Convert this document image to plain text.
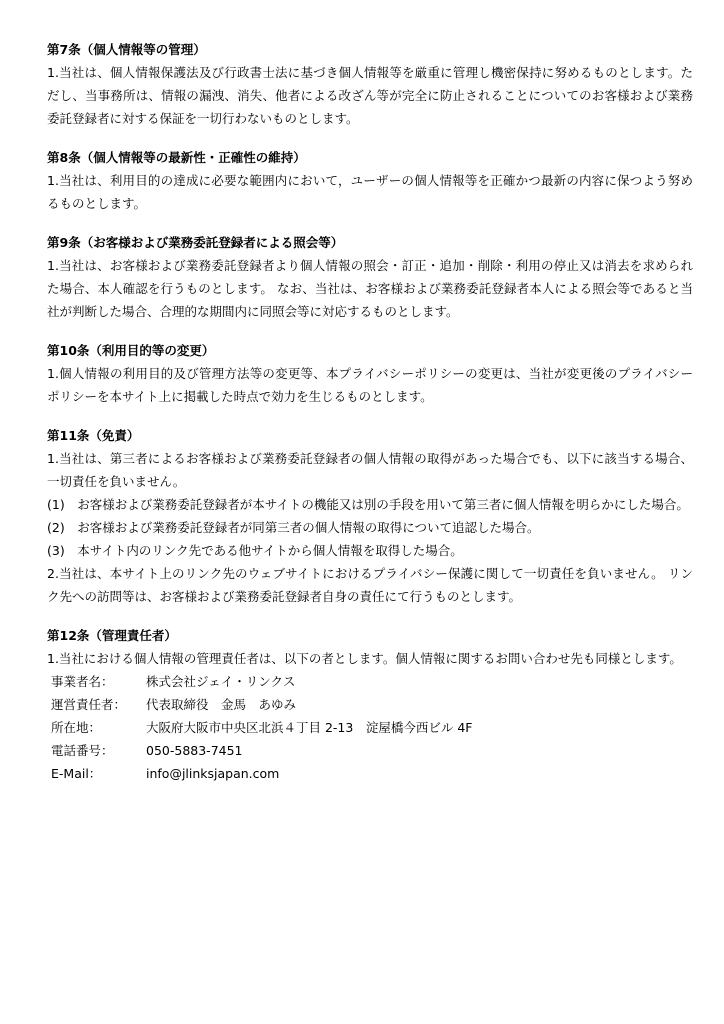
第7条（個人情報等の管理）
1.当社は、個人情報保護法及び行政書士法に基づき個人情報等を厳重に管理し機密保持に努めるものとします。ただし、当事務所は、情報の漏洩、消失、他者による改ざん等が完全に防止されることについてのお客様および業務委託登録者に対する保証を一切行わないものとします。
第8条（個人情報等の最新性・正確性の維持）
1.当社は、利用目的の達成に必要な範囲内において，ユーザーの個人情報等を正確かつ最新の内容に保つよう努めるものとします。
第9条（お客様および業務委託登録者による照会等）
1.当社は、お客様および業務委託登録者より個人情報の照会・訂正・追加・削除・利用の停止又は消去を求められた場合、本人確認を行うものとします。 なお、当社は、お客様および業務委託登録者本人による照会等であると当社が判断した場合、合理的な期間内に同照会等に対応するものとします。
第10条（利用目的等の変更）
1.個人情報の利用目的及び管理方法等の変更等、本プライバシーポリシーの変更は、当社が変更後のプライバシーポリシーを本サイト上に掲載した時点で効力を生じるものとします。
第11条（免責）
1.当社は、第三者によるお客様および業務委託登録者の個人情報の取得があった場合でも、以下に該当する場合、一切責任を負いません。
(1)　お客様および業務委託登録者が本サイトの機能又は別の手段を用いて第三者に個人情報を明らかにした場合。
(2)　お客様および業務委託登録者が同第三者の個人情報の取得について追認した場合。
(3)　本サイト内のリンク先である他サイトから個人情報を取得した場合。
2.当社は、本サイト上のリンク先のウェブサイトにおけるプライバシー保護に関して一切責任を負いません。 リンク先への訪問等は、お客様および業務委託登録者自身の責任にて行うものとします。
第12条（管理責任者）
1.当社における個人情報の管理責任者は、以下の者とします。個人情報に関するお問い合わせ先も同様とします。
事業者名：	株式会社ジェイ・リンクス
運営責任者：	代表取締役　金馬　あゆみ
所在地：	大阪府大阪市中央区北浜４丁目 2-13　淀屋橋今西ビル 4F
電話番号：	050-5883-7451
E-Mail：	info@jlinksjapan.com
